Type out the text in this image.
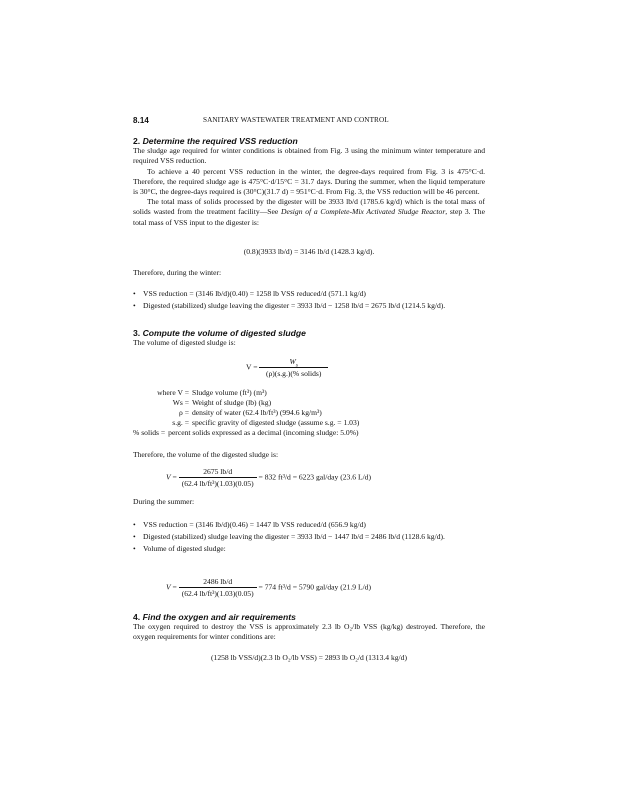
8.14	SANITARY WASTEWATER TREATMENT AND CONTROL
2. Determine the required VSS reduction
The sludge age required for winter conditions is obtained from Fig. 3 using the minimum winter temperature and required VSS reduction.
To achieve a 40 percent VSS reduction in the winter, the degree-days required from Fig. 3 is 475°C·d. Therefore, the required sludge age is 475°C·d/15°C = 31.7 days. During the summer, when the liquid temperature is 30°C, the degree-days required is (30°C)(31.7 d) = 951°C·d. From Fig. 3, the VSS reduction will be 46 percent.
The total mass of solids processed by the digester will be 3933 lb/d (1785.6 kg/d) which is the total mass of solids wasted from the treatment facility—See Design of a Complete-Mix Activated Sludge Reactor, step 3. The total mass of VSS input to the digester is:
(0.8)(3933 lb/d) = 3146 lb/d (1428.3 kg/d).
Therefore, during the winter:
• VSS reduction = (3146 lb/d)(0.40) = 1258 lb VSS reduced/d (571.1 kg/d)
• Digested (stabilized) sludge leaving the digester = 3933 lb/d − 1258 lb/d = 2675 lb/d (1214.5 kg/d).
3. Compute the volume of digested sludge
The volume of digested sludge is:
$V = \frac{W_s}{\text{(ρ)(s.g.)(\% solids)}}$
where V = Sludge volume (ft³) (m³)
Ws = Weight of sludge (lb) (kg)
ρ = density of water (62.4 lb/ft³) (994.6 kg/m³)
s.g. = specific gravity of digested sludge (assume s.g. = 1.03)
% solids = percent solids expressed as a decimal (incoming sludge: 5.0%)
Therefore, the volume of the digested sludge is:
$V = \frac{2675 lb/d}{\text{(62.4 lb/ft³)(1.03)(0.05)}} = 832$ ft³/d = 6223 gal/day (23.6 L/d)
During the summer:
• VSS reduction = (3146 lb/d)(0.46) = 1447 lb VSS reduced/d (656.9 kg/d)
• Digested (stabilized) sludge leaving the digester = 3933 lb/d − 1447 lb/d = 2486 lb/d (1128.6 kg/d).
• Volume of digested sludge:
$V = \frac{2486 lb/d}{\text{(62.4 lb/ft³)(1.03)(0.05)}} = 774$ ft³/d = 5790 gal/day (21.9 L/d)
4. Find the oxygen and air requirements
The oxygen required to destroy the VSS is approximately 2.3 lb O₂/lb VSS (kg/kg) destroyed. Therefore, the oxygen requirements for winter conditions are:
(1258 lb VSS/d)(2.3 lb O₂/lb VSS) = 2893 lb O₂/d (1313.4 kg/d)
